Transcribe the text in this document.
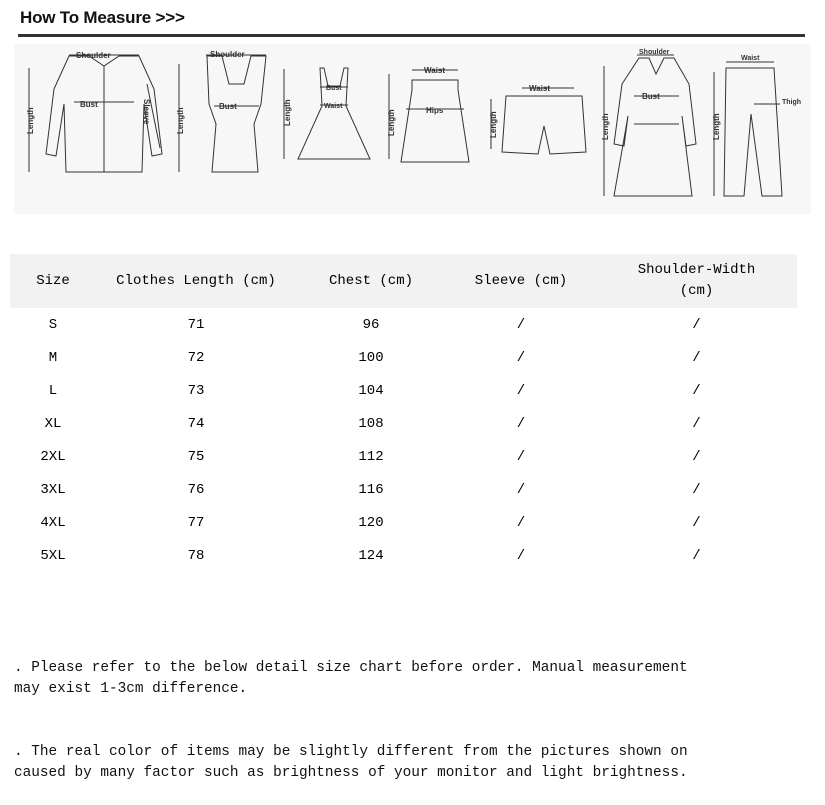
How To Measure >>>
Shoulder
Bust
Length	Sleeve
Shoulder
Bust
Length
Bust
Waist
Length
Waist
Hips
Length
Waist
Length
Shoulder
Bust
Length
Waist
Thigh
Length
Size	Clothes Length (cm)	Chest (cm)	Sleeve (cm)	Shoulder-Width (cm)
S	71	96	/	/
M	72	100	/	/
L	73	104	/	/
XL	74	108	/	/
2XL	75	112	/	/
3XL	76	116	/	/
4XL	77	120	/	/
5XL	78	124	/	/

. Please refer to the below detail size chart before order. Manual measurement
may exist 1-3cm difference.

. The real color of items may be slightly different from the pictures shown on
caused by many factor such as brightness of your monitor and light brightness.
